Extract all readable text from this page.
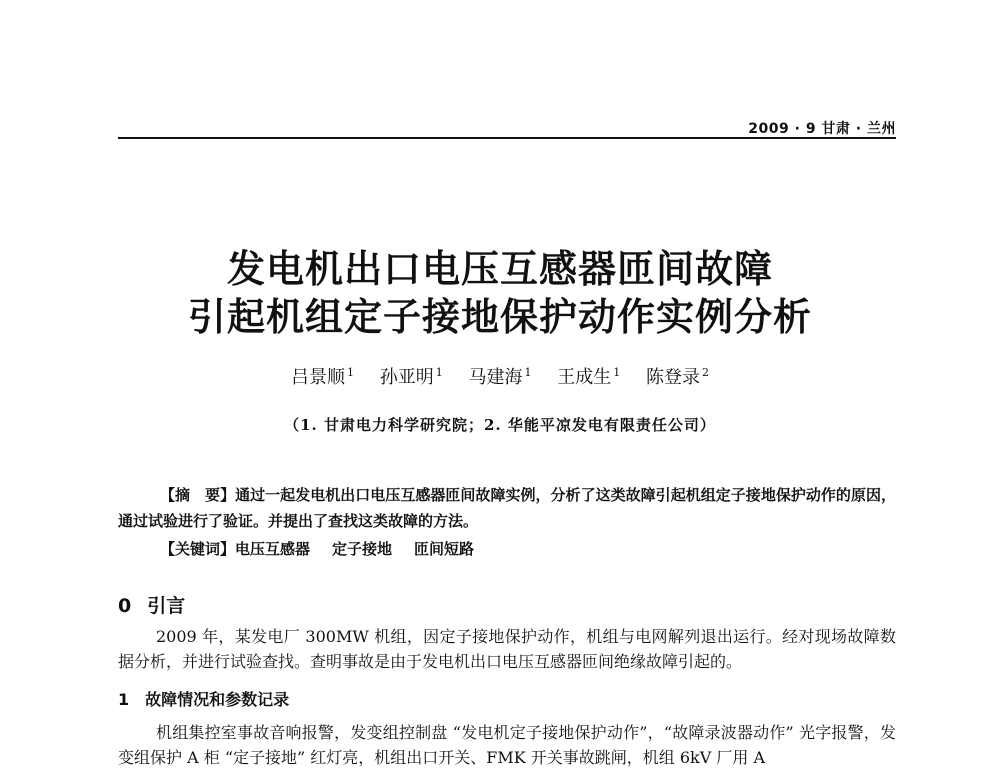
2009 · 9 甘肃 · 兰州
发电机出口电压互感器匝间故障
引起机组定子接地保护动作实例分析
吕景顺 $^1$ 孙亚明 $^1$ 马建海 $^1$ 王成生 $^1$ 陈登录 $^2$
（1. 甘肃电力科学研究院；2. 华能平凉发电有限责任公司）
【摘　要】通过一起发电机出口电压互感器匝间故障实例，分析了这类故障引起机组定子接地保护动作的原因，通过试验进行了验证。并提出了查找这类故障的方法。
【关键词】电压互感器 定子接地 匝间短路
0 引言
2009 年，某发电厂 300MW 机组，因定子接地保护动作，机组与电网解列退出运行。经对现场故障数据分析，并进行试验查找。查明事故是由于发电机出口电压互感器匝间绝缘故障引起的。
1 故障情况和参数记录
机组集控室事故音响报警，发变组控制盘 “发电机定子接地保护动作”，“故障录波器动作” 光字报警，发变组保护 A 柜 “定子接地” 红灯亮，机组出口开关、FMK 开关事故跳闸，机组 6kV 厂用 A
